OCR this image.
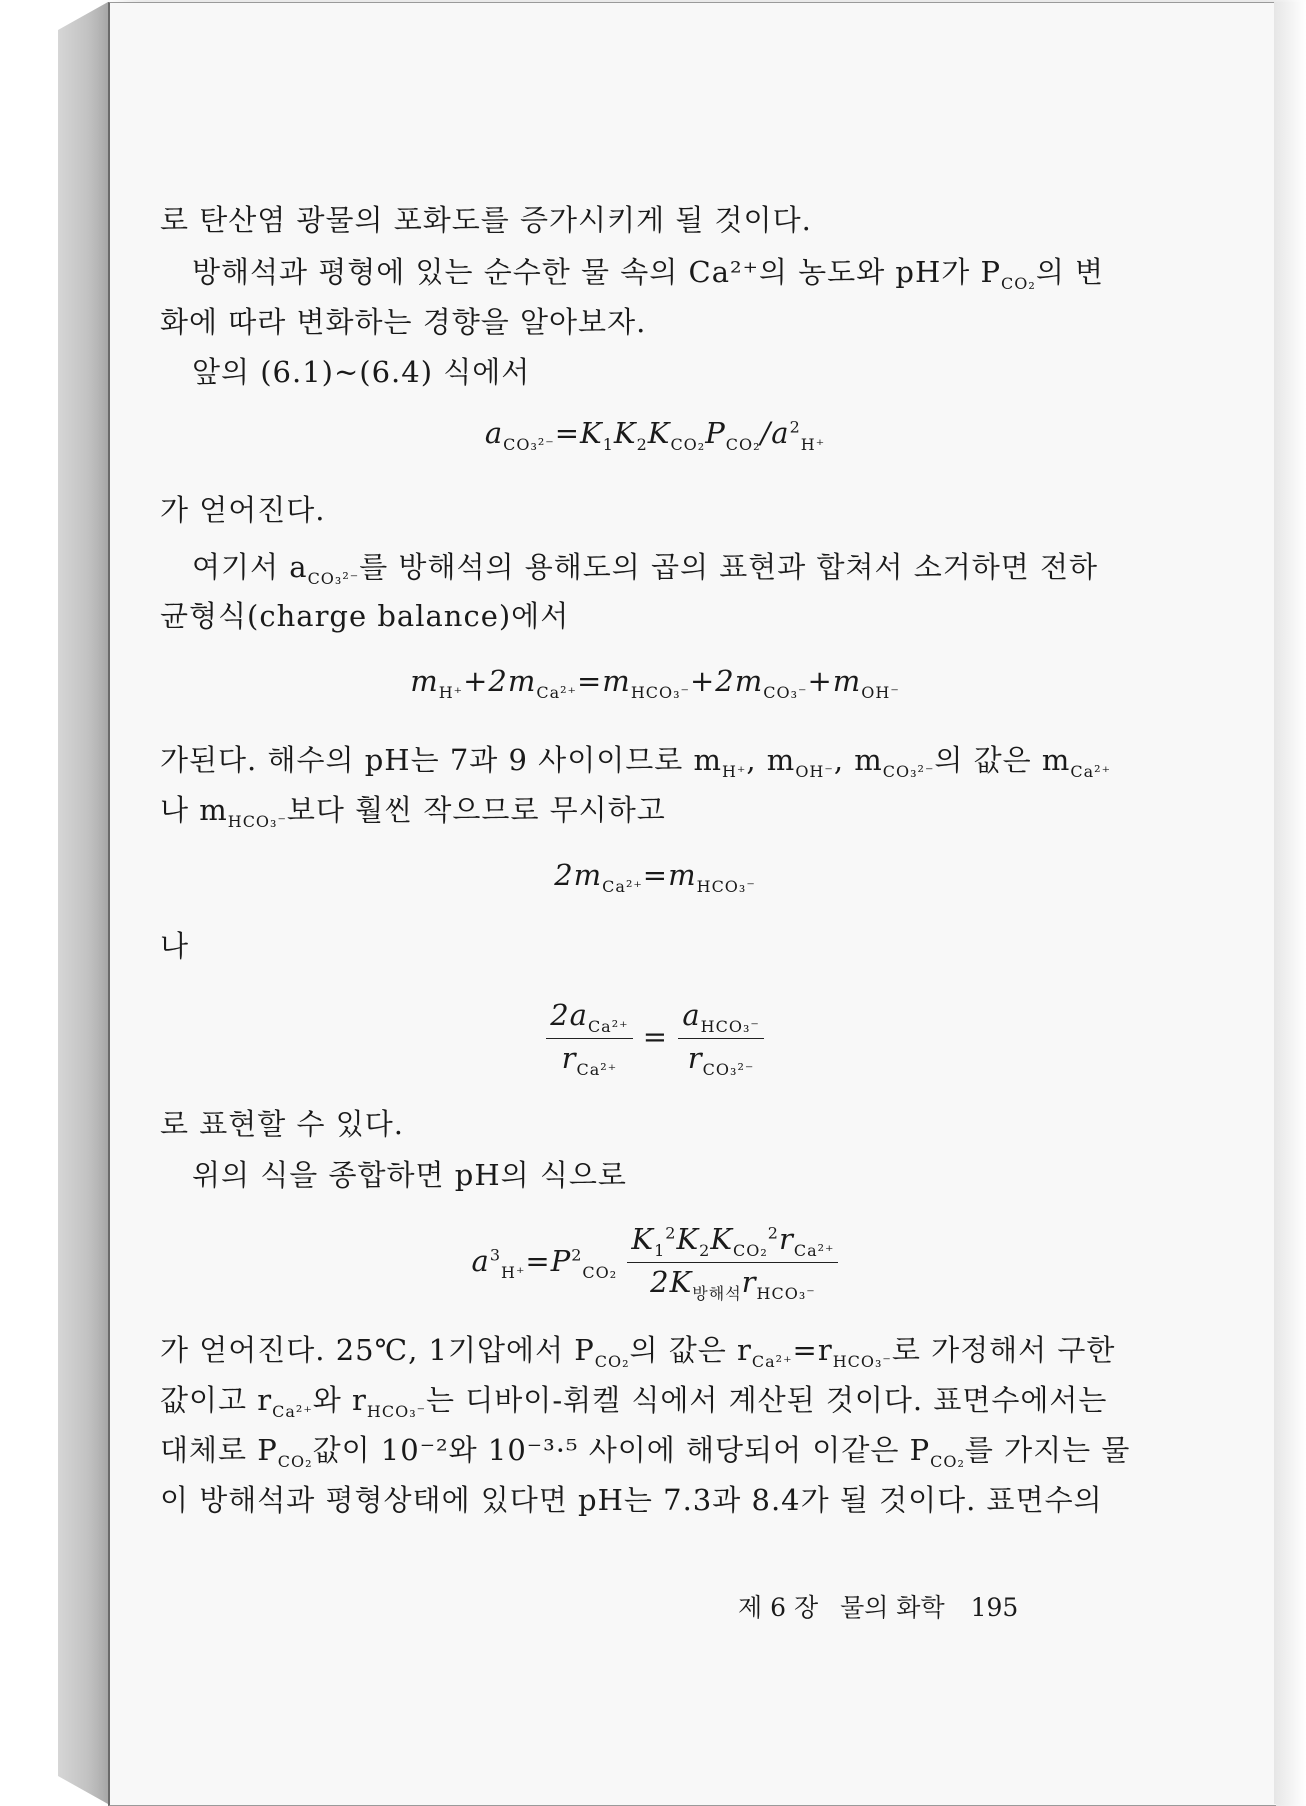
로 탄산염 광물의 포화도를 증가시키게 될 것이다.
방해석과 평형에 있는 순수한 물 속의 Ca²⁺의 농도와 pH가 $P_{CO_2}$의 변
화에 따라 변화하는 경향을 알아보자.
앞의 (6.1)~(6.4) 식에서
$a_{CO_3^{2-}}=K_1K_2K_{CO_2}P_{CO_2}/a^2_{H^+}$
가 얻어진다.
여기서 $a_{CO_3^{2-}}$를 방해석의 용해도의 곱의 표현과 합쳐서 소거하면 전하
균형식(charge balance)에서
$m_{H^+}+2m_{Ca^{2+}}=m_{HCO_3^-}+2m_{CO_3^-}+m_{OH^-}$
가된다. 해수의 pH는 7과 9 사이이므로 $m_{H^+}$, $m_{OH^-}$, $m_{CO_3^{2-}}$의 값은 $m_{Ca^{2+}}$
나 $m_{HCO_3^-}$보다 훨씬 작으므로 무시하고
$2m_{Ca^{2+}}=m_{HCO_3^-}$
나
$\frac{2a_{Ca^{2+}}}{r_{Ca^{2+}}} = \frac{a_{HCO_3^-}}{r_{CO_3^{2-}}}$
로 표현할 수 있다.
위의 식을 종합하면 pH의 식으로
$a^3_{H^+}=P^2_{CO_2} \frac{K_1^2K_2K_{CO_2}^2r_{Ca^{2+}}}{2K_{방해석}r_{HCO_3^-}}$
가 얻어진다. 25℃, 1기압에서 $P_{CO_2}$의 값은 $r_{Ca^{2+}}=r_{HCO_3^-}$로 가정해서 구한
값이고 $r_{Ca^{2+}}$와 $r_{HCO_3^-}$는 디바이-휘켈 식에서 계산된 것이다. 표면수에서는
대체로 $P_{CO_2}$값이 10⁻²와 10⁻³·⁵ 사이에 해당되어 이같은 $P_{CO_2}$를 가지는 물
이 방해석과 평형상태에 있다면 pH는 7.3과 8.4가 될 것이다. 표면수의
제 6 장 물의 화학 195
